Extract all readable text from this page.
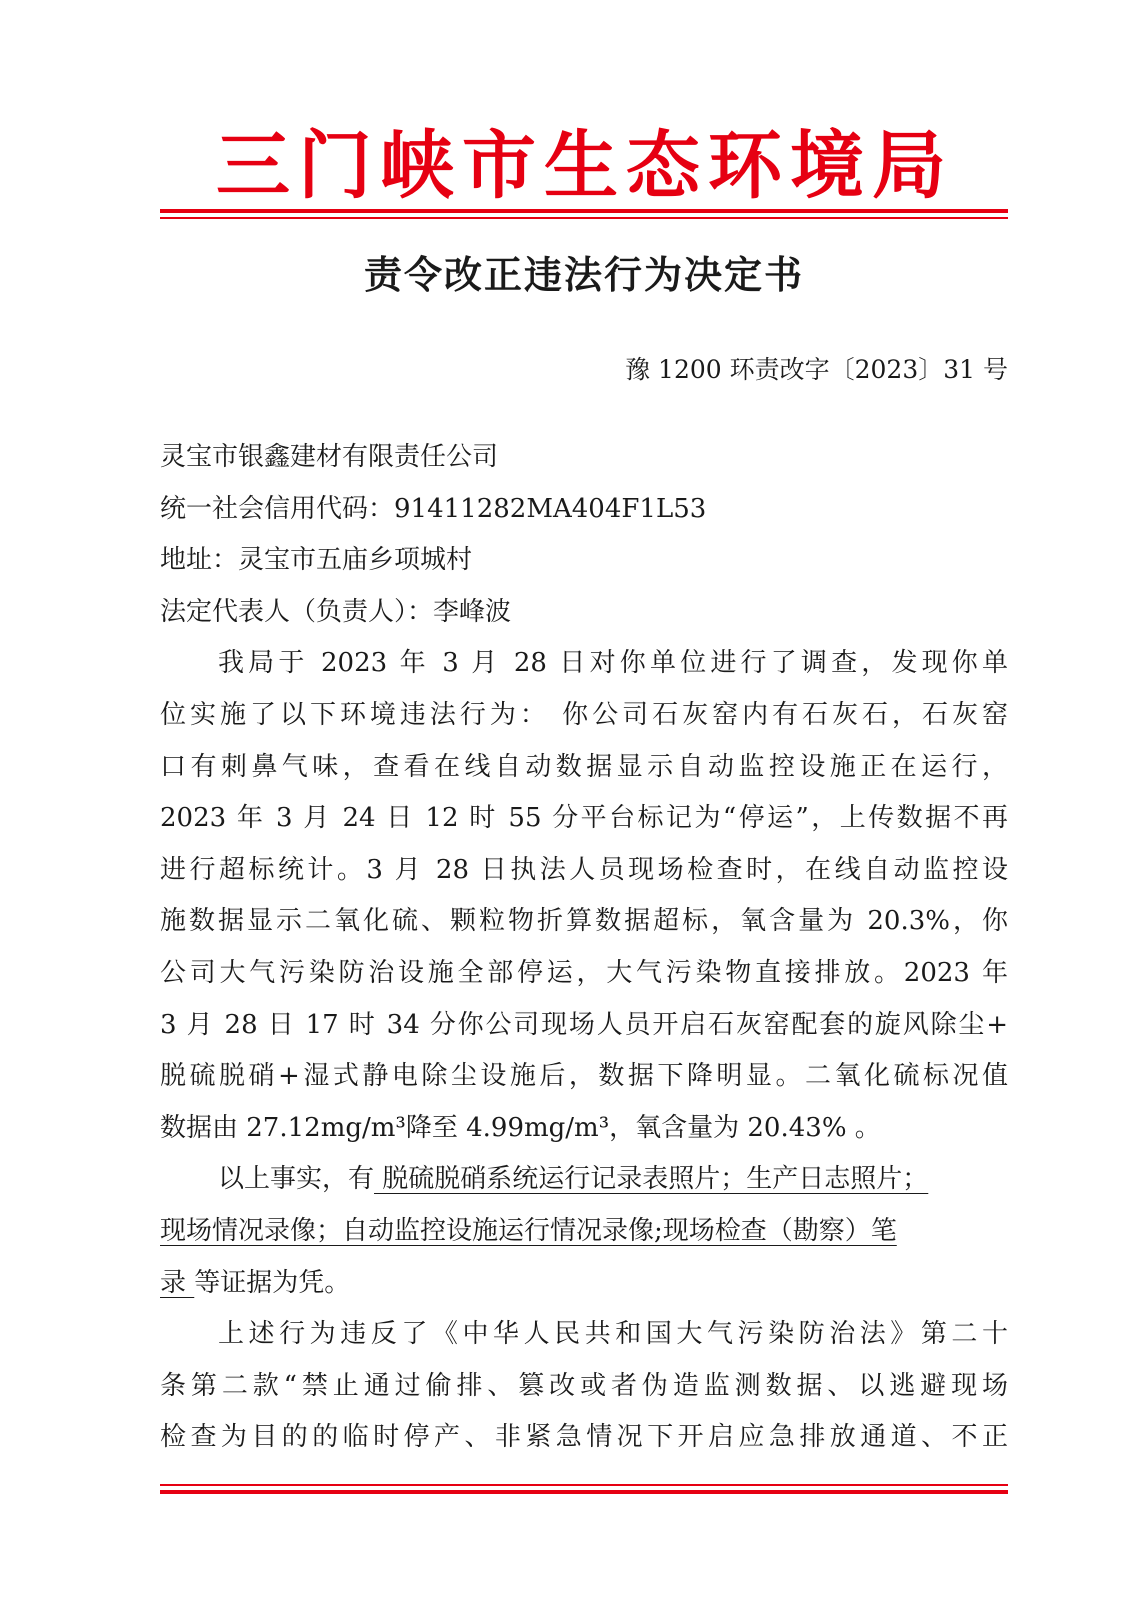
三门峡市生态环境局
责令改正违法行为决定书
豫 1200 环责改字〔2023〕31 号
灵宝市银鑫建材有限责任公司
统一社会信用代码：91411282MA404F1L53
地址：灵宝市五庙乡项城村
法定代表人（负责人）：李峰波
我局于 2023 年 3 月 28 日对你单位进行了调查，发现你单
位实施了以下环境违法行为： 你公司石灰窑内有石灰石，石灰窑
口有刺鼻气味，查看在线自动数据显示自动监控设施正在运行，
2023 年 3 月 24 日 12 时 55 分平台标记为“停运”，上传数据不再
进行超标统计。3 月 28 日执法人员现场检查时，在线自动监控设
施数据显示二氧化硫、颗粒物折算数据超标，氧含量为 20.3%，你
公司大气污染防治设施全部停运，大气污染物直接排放。2023 年
3 月 28 日 17 时 34 分你公司现场人员开启石灰窑配套的旋风除尘+
脱硫脱硝+湿式静电除尘设施后，数据下降明显。二氧化硫标况值
数据由 27.12mg/m³降至 4.99mg/m³，氧含量为 20.43% 。
以上事实，有 脱硫脱硝系统运行记录表照片；生产日志照片；
现场情况录像；自动监控设施运行情况录像;现场检查（勘察）笔
录 等证据为凭。
上述行为违反了《中华人民共和国大气污染防治法》第二十
条第二款“禁止通过偷排、篡改或者伪造监测数据、以逃避现场
检查为目的的临时停产、非紧急情况下开启应急排放通道、不正
